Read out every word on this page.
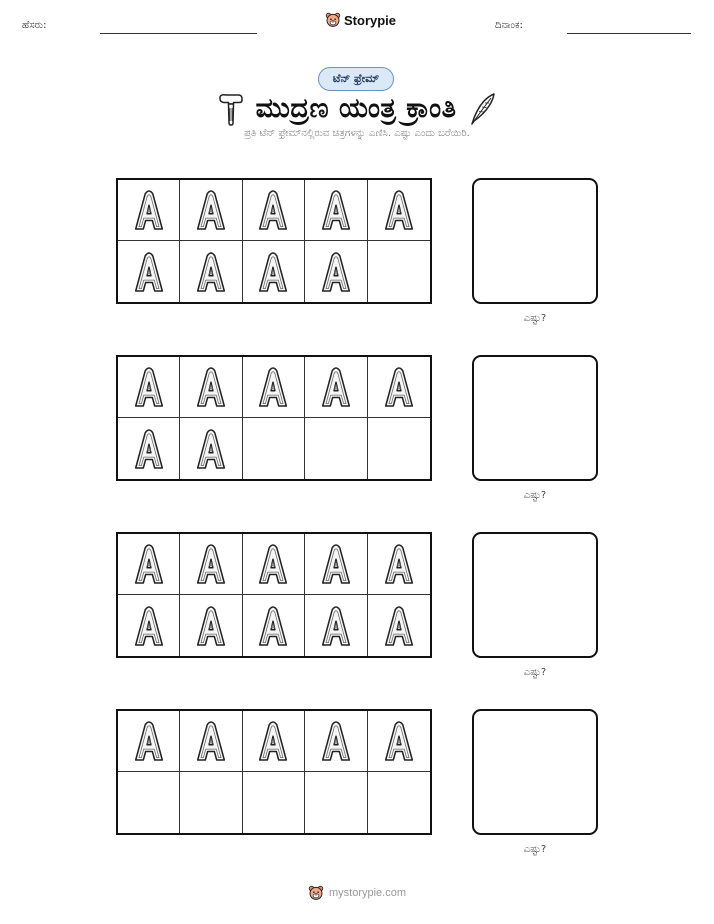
ಹೆಸರು:	Storypie	ದಿನಾಂಕ:
ಟೆನ್ ಫ್ರೇಮ್
ಮುದ್ರಣ ಯಂತ್ರ ಕ್ರಾಂತಿ
ಪ್ರತಿ ಟೆನ್ ಫ್ರೇಮ್‌ನಲ್ಲಿರುವ ಚಿತ್ರಗಳನ್ನು ಎಣಿಸಿ. ಎಷ್ಟು ಎಂದು ಬರೆಯಿರಿ.
ಎಷ್ಟು?
ಎಷ್ಟು?
ಎಷ್ಟು?
ಎಷ್ಟು?
mystorypie.com
